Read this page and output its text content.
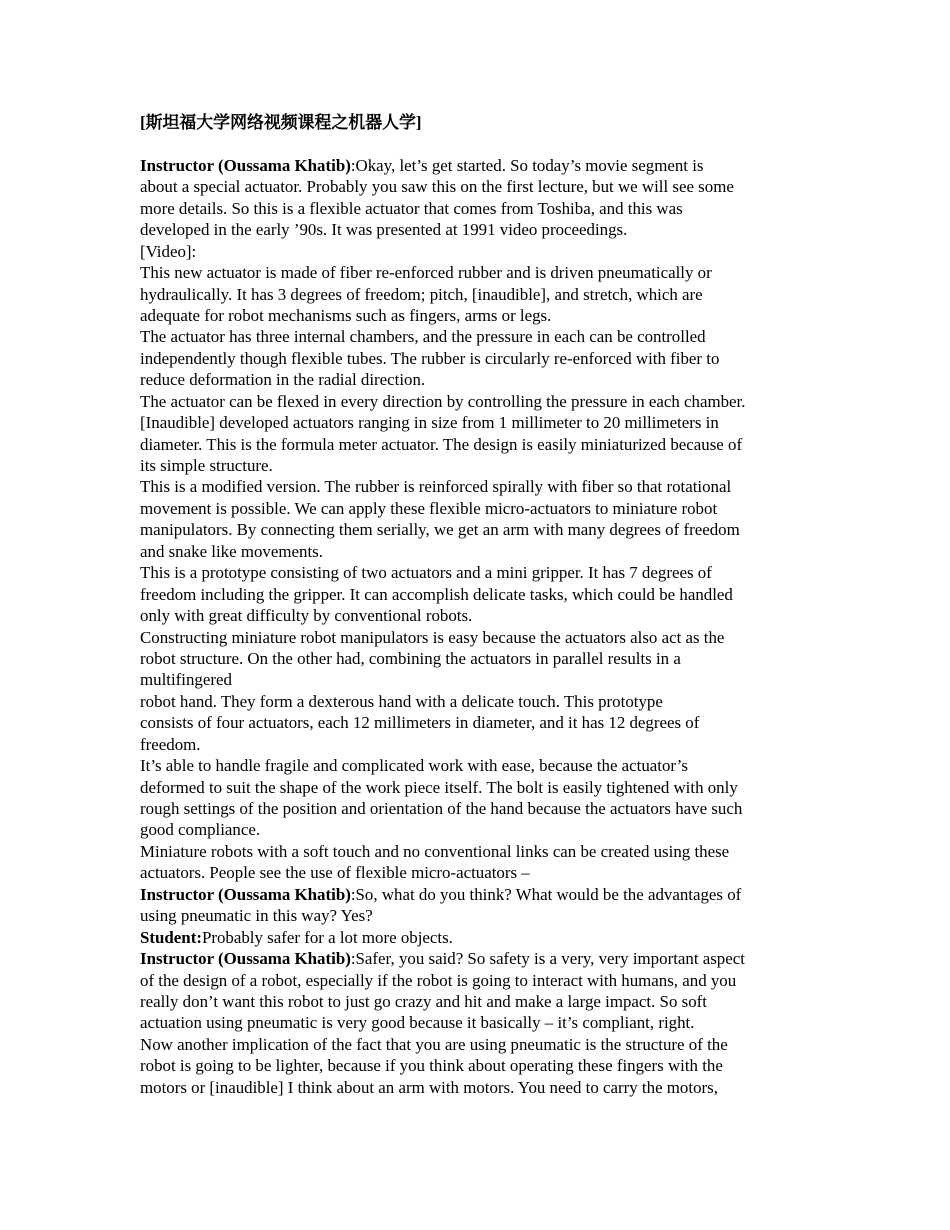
[斯坦福大学网络视频课程之机器人学]
Instructor (Oussama Khatib):Okay, let’s get started. So today’s movie segment is
about a special actuator. Probably you saw this on the first lecture, but we will see some
more details. So this is a flexible actuator that comes from Toshiba, and this was
developed in the early ’90s. It was presented at 1991 video proceedings.
[Video]:
This new actuator is made of fiber re-enforced rubber and is driven pneumatically or
hydraulically. It has 3 degrees of freedom; pitch, [inaudible], and stretch, which are
adequate for robot mechanisms such as fingers, arms or legs.
The actuator has three internal chambers, and the pressure in each can be controlled
independently though flexible tubes. The rubber is circularly re-enforced with fiber to
reduce deformation in the radial direction.
The actuator can be flexed in every direction by controlling the pressure in each chamber.
[Inaudible] developed actuators ranging in size from 1 millimeter to 20 millimeters in
diameter. This is the formula meter actuator. The design is easily miniaturized because of
its simple structure.
This is a modified version. The rubber is reinforced spirally with fiber so that rotational
movement is possible. We can apply these flexible micro-actuators to miniature robot
manipulators. By connecting them serially, we get an arm with many degrees of freedom
and snake like movements.
This is a prototype consisting of two actuators and a mini gripper. It has 7 degrees of
freedom including the gripper. It can accomplish delicate tasks, which could be handled
only with great difficulty by conventional robots.
Constructing miniature robot manipulators is easy because the actuators also act as the
robot structure. On the other had, combining the actuators in parallel results in a
multifingered
robot hand. They form a dexterous hand with a delicate touch. This prototype
consists of four actuators, each 12 millimeters in diameter, and it has 12 degrees of
freedom.
It’s able to handle fragile and complicated work with ease, because the actuator’s
deformed to suit the shape of the work piece itself. The bolt is easily tightened with only
rough settings of the position and orientation of the hand because the actuators have such
good compliance.
Miniature robots with a soft touch and no conventional links can be created using these
actuators. People see the use of flexible micro-actuators –
Instructor (Oussama Khatib):So, what do you think? What would be the advantages of
using pneumatic in this way? Yes?
Student:Probably safer for a lot more objects.
Instructor (Oussama Khatib):Safer, you said? So safety is a very, very important aspect
of the design of a robot, especially if the robot is going to interact with humans, and you
really don’t want this robot to just go crazy and hit and make a large impact. So soft
actuation using pneumatic is very good because it basically – it’s compliant, right.
Now another implication of the fact that you are using pneumatic is the structure of the
robot is going to be lighter, because if you think about operating these fingers with the
motors or [inaudible] I think about an arm with motors. You need to carry the motors,
